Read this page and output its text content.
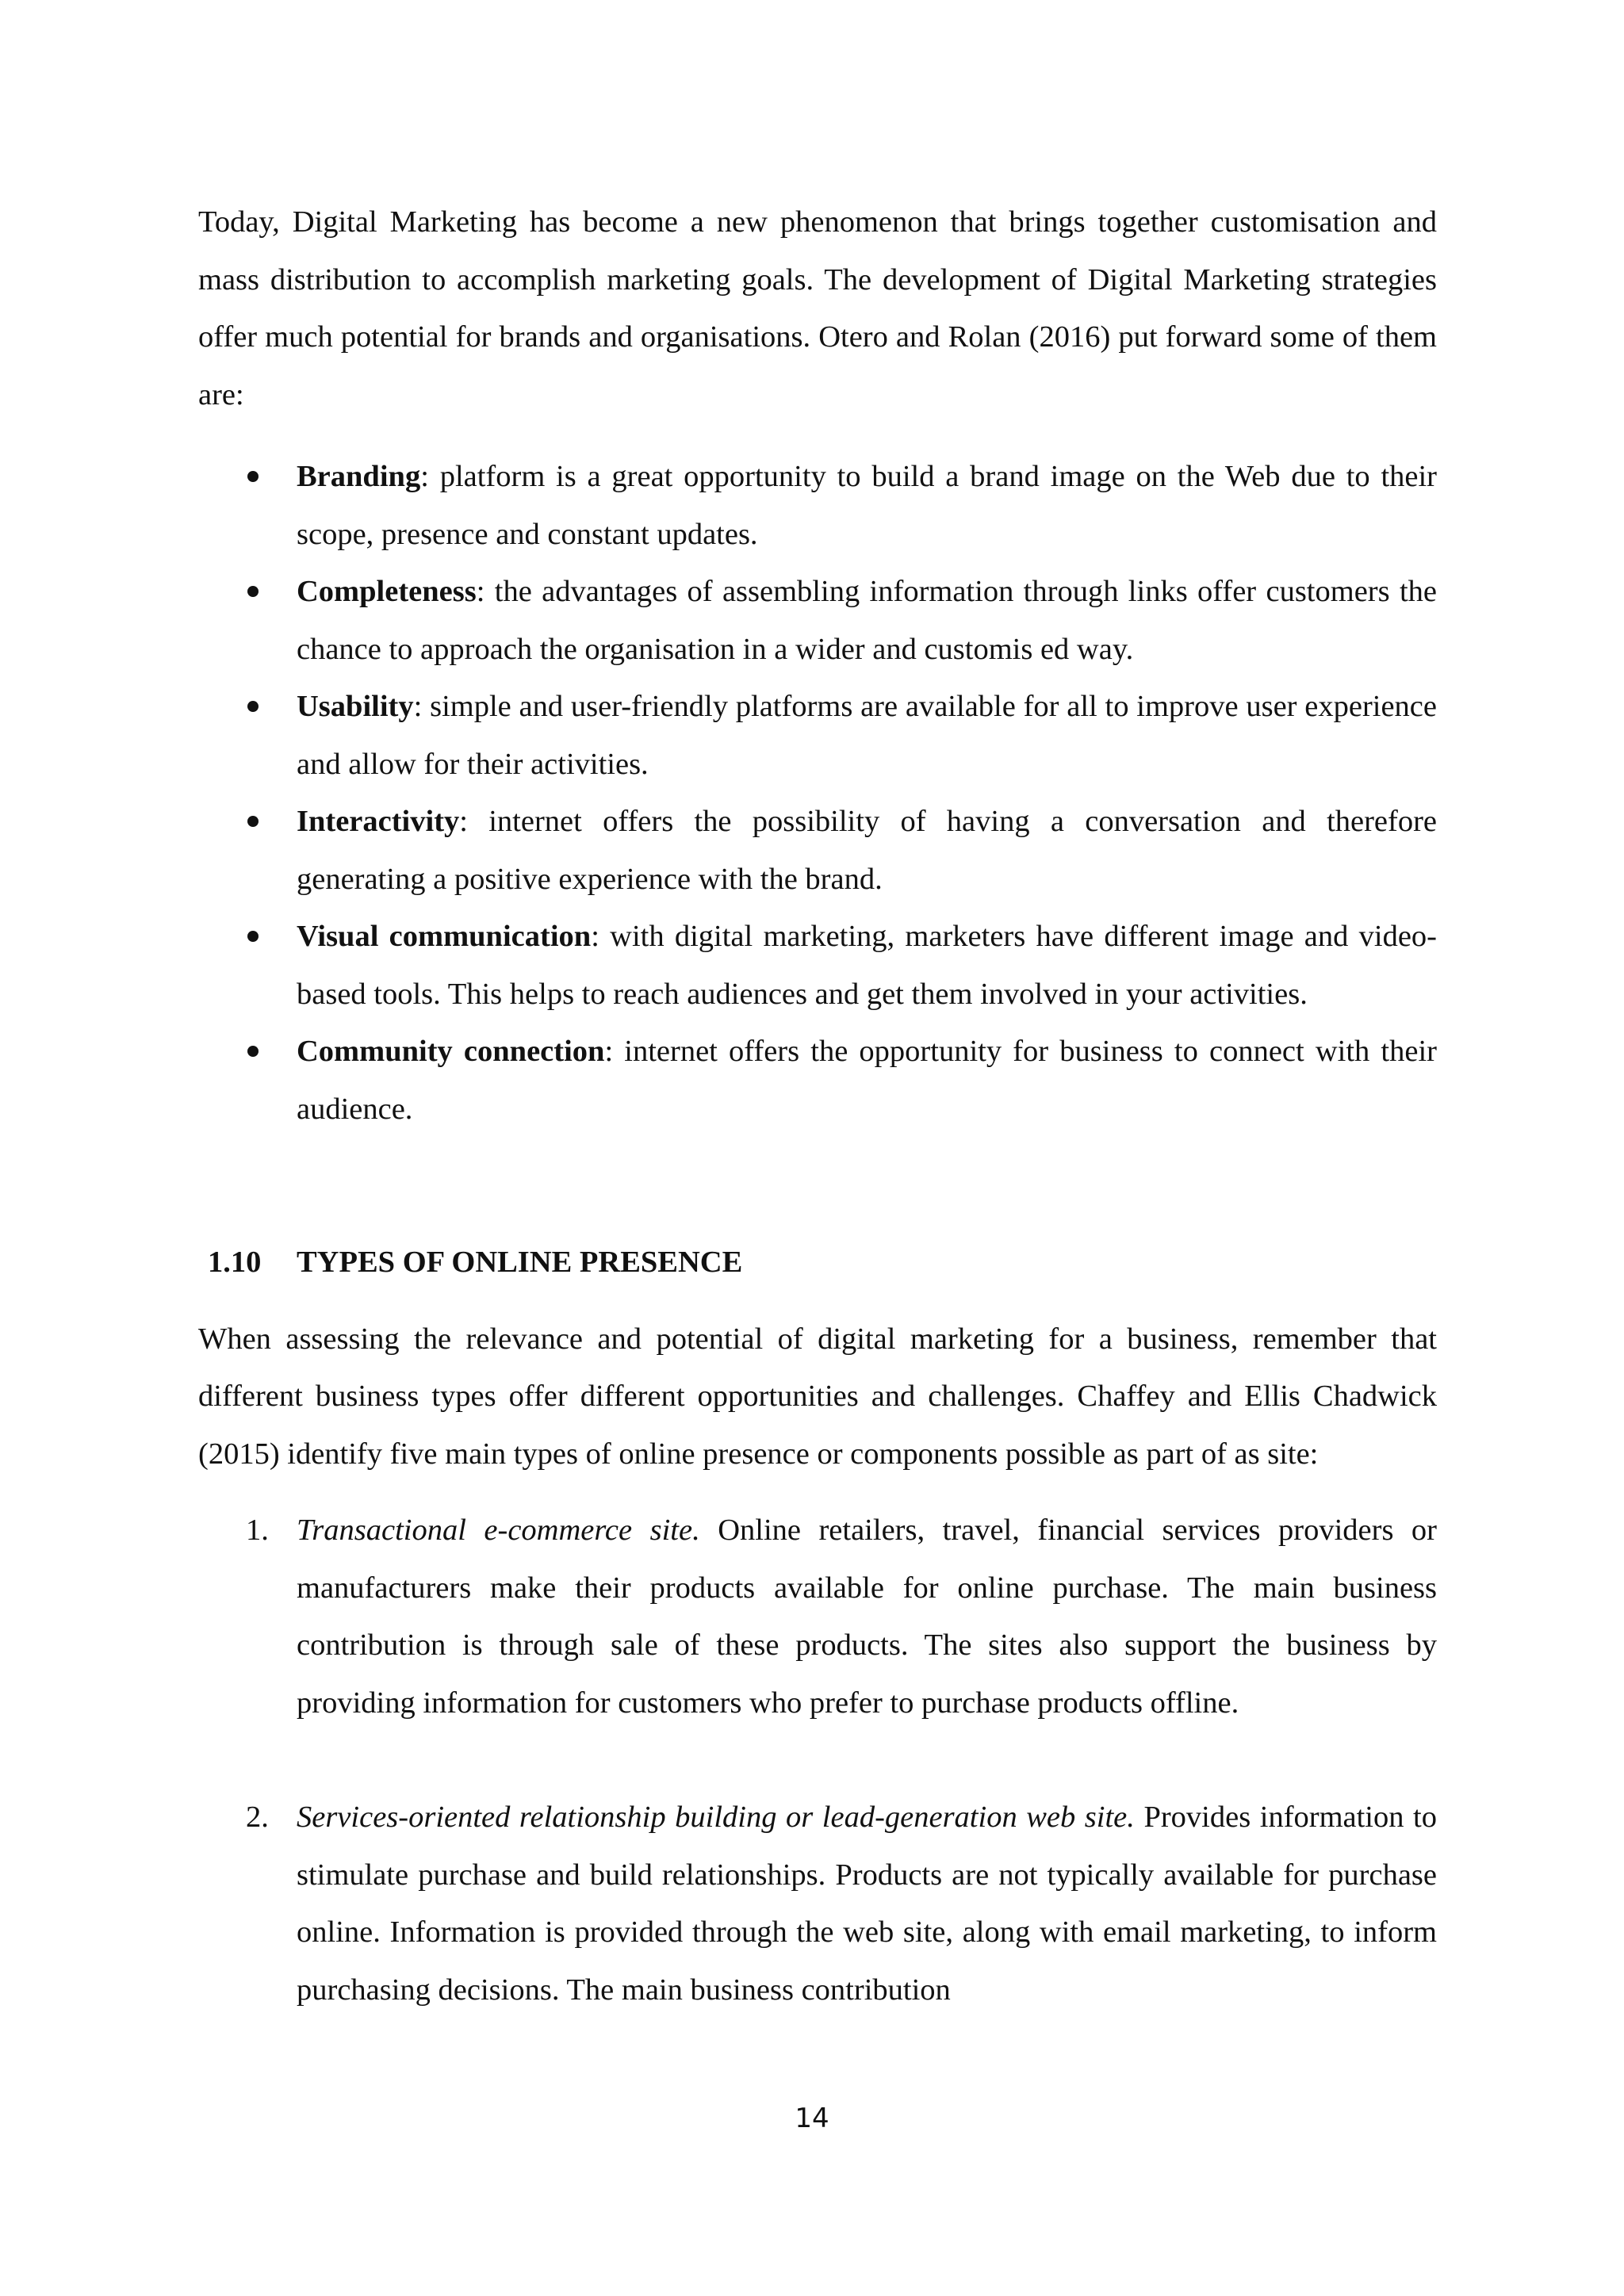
Today, Digital Marketing has become a new phenomenon that brings together customisation and mass distribution to accomplish marketing goals. The development of Digital Marketing strategies offer much potential for brands and organisations. Otero and Rolan (2016) put forward some of them are:

Branding: platform is a great opportunity to build a brand image on the Web due to their scope, presence and constant updates.
Completeness: the advantages of assembling information through links offer customers the chance to approach the organisation in a wider and customis ed way.
Usability: simple and user-friendly platforms are available for all to improve user experience and allow for their activities.
Interactivity: internet offers the possibility of having a conversation and therefore generating a positive experience with the brand.
Visual communication: with digital marketing, marketers have different image and video-based tools. This helps to reach audiences and get them involved in your activities.
Community connection: internet offers the opportunity for business to connect with their audience.
1.10	TYPES OF ONLINE PRESENCE

When assessing the relevance and potential of digital marketing for a business, remember that different business types offer different opportunities and challenges. Chaffey and Ellis Chadwick (2015) identify five main types of online presence or components possible as part of as site:

1. Transactional e-commerce site. Online retailers, travel, financial services providers or manufacturers make their products available for online purchase. The main business contribution is through sale of these products. The sites also support the business by providing information for customers who prefer to purchase products offline.
2. Services-oriented relationship building or lead-generation web site. Provides information to stimulate purchase and build relationships. Products are not typically available for purchase online. Information is provided through the web site, along with email marketing, to inform purchasing decisions. The main business contribution
14
